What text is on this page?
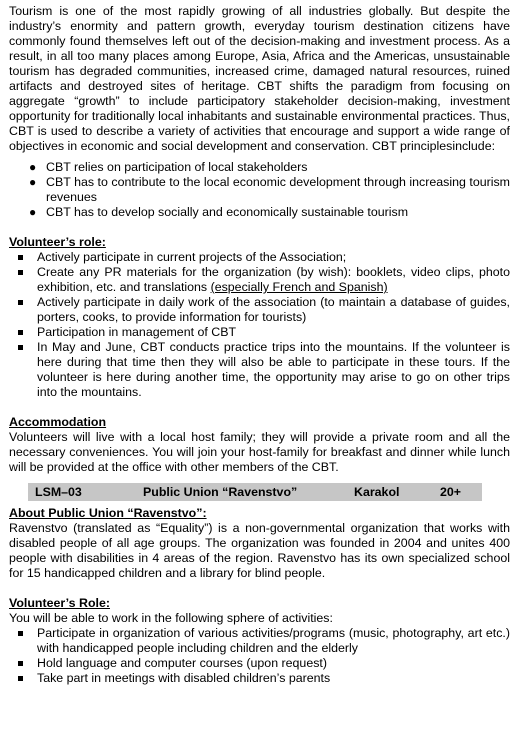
Tourism is one of the most rapidly growing of all industries globally. But despite the industry’s enormity and pattern growth, everyday tourism destination citizens have commonly found themselves left out of the decision-making and investment process. As a result, in all too many places among Europe, Asia, Africa and the Americas, unsustainable tourism has degraded communities, increased crime, damaged natural resources, ruined artifacts and destroyed sites of heritage. CBT shifts the paradigm from focusing on aggregate “growth” to include participatory stakeholder decision-making, investment opportunity for traditionally local inhabitants and sustainable environmental practices. Thus, CBT is used to describe a variety of activities that encourage and support a wide range of objectives in economic and social development and conservation. CBT principlesinclude:

● CBT relies on participation of local stakeholders
● CBT has to contribute to the local economic development through increasing tourism revenues
● CBT has to develop socially and economically sustainable tourism

Volunteer’s role:

Actively participate in current projects of the Association;
Create any PR materials for the organization (by wish): booklets, video clips, photo exhibition, etc. and translations (especially French and Spanish)
Actively participate in daily work of the association (to maintain a database of guides, porters, cooks, to provide information for tourists)
Participation in management of CBT
In May and June, CBT conducts practice trips into the mountains. If the volunteer is here during that time then they will also be able to participate in these tours. If the volunteer is here during another time, the opportunity may arise to go on other trips into the mountains.

Accommodation

Volunteers will live with a local host family; they will provide a private room and all the necessary conveniences. You will join your host-family for breakfast and dinner while lunch will be provided at the office with other members of the CBT.

LSM–03	Public Union “Ravenstvo”	Karakol	20+

About Public Union “Ravenstvo”:

Ravenstvo (translated as “Equality”) is a non-governmental organization that works with disabled people of all age groups. The organization was founded in 2004 and unites 400 people with disabilities in 4 areas of the region. Ravenstvo has its own specialized school for 15 handicapped children and a library for blind people.

Volunteer’s Role:

You will be able to work in the following sphere of activities:

Participate in organization of various activities/programs (music, photography, art etc.) with handicapped people including children and the elderly
Hold language and computer courses (upon request)
Take part in meetings with disabled children’s parents
